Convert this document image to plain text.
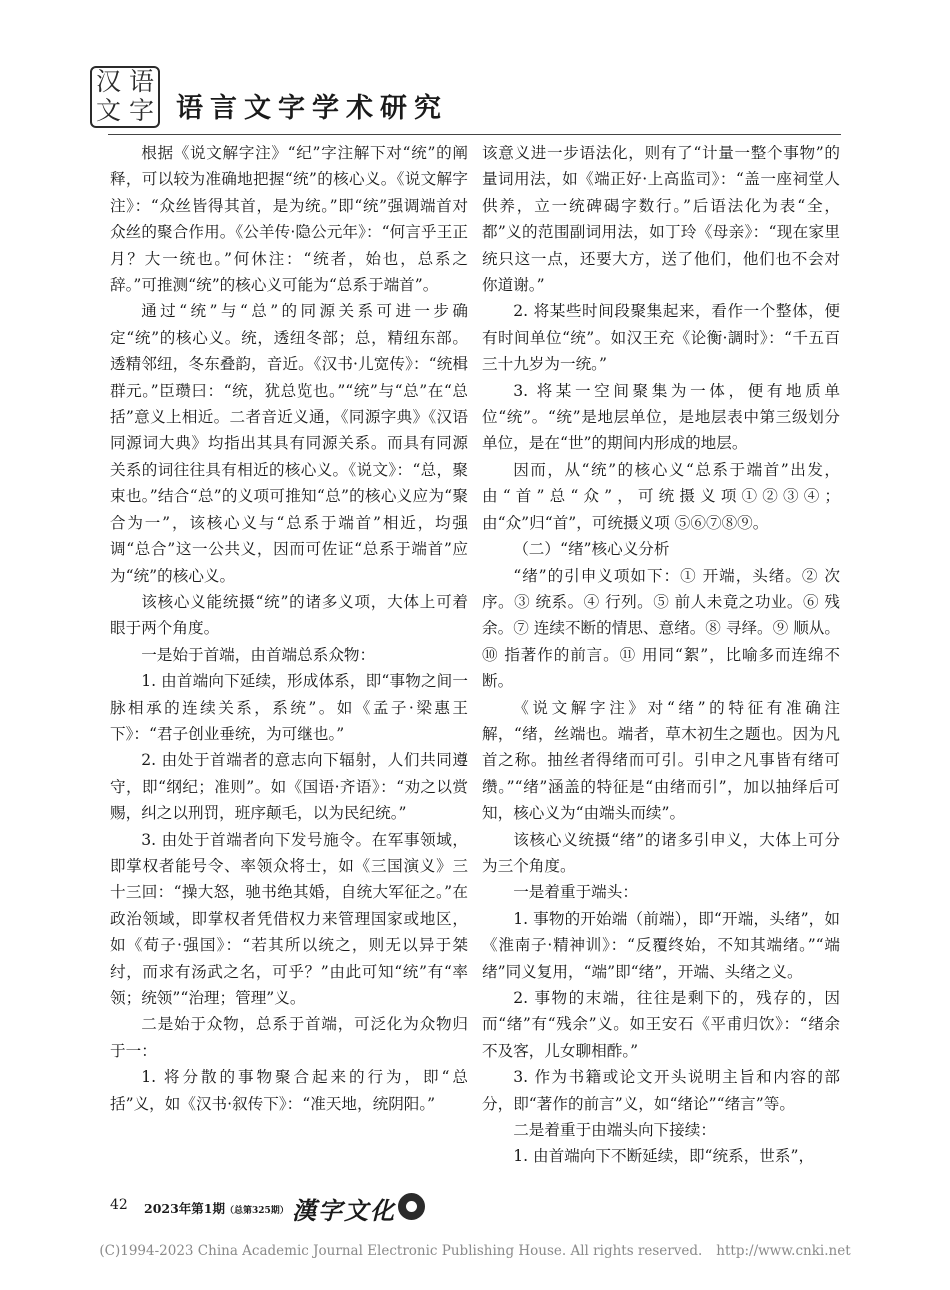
汉 语
文 字 语言文字学术研究

根据《说文解字注》“纪”字注解下对“统”的阐释，可以较为准确地把握“统”的核心义。《说文解字注》：“众丝皆得其首，是为统。”即“统”强调端首对众丝的聚合作用。《公羊传·隐公元年》：“何言乎王正月？大一统也。”何休注：“统者，始也，总系之辞。”可推测“统”的核心义可能为“总系于端首”。

通过“统”与“总”的同源关系可进一步确定“统”的核心义。统，透纽冬部；总，精纽东部。透精邻纽，冬东叠韵，音近。《汉书·儿宽传》：“统楫群元。”臣瓒曰：“统，犹总览也。”“统”与“总”在“总括”意义上相近。二者音近义通，《同源字典》《汉语同源词大典》均指出其具有同源关系。而具有同源关系的词往往具有相近的核心义。《说文》：“总，聚束也。”结合“总”的义项可推知“总”的核心义应为“聚合为一”，该核心义与“总系于端首”相近，均强调“总合”这一公共义，因而可佐证“总系于端首”应为“统”的核心义。

该核心义能统摄“统”的诸多义项，大体上可着眼于两个角度。

一是始于首端，由首端总系众物：

1. 由首端向下延续，形成体系，即“事物之间一脉相承的连续关系，系统”。如《孟子·梁惠王下》：“君子创业垂统，为可继也。”

2. 由处于首端者的意志向下辐射，人们共同遵守，即“纲纪；准则”。如《国语·齐语》：“劝之以赏赐，纠之以刑罚，班序颠毛，以为民纪统。”

3. 由处于首端者向下发号施令。在军事领域，即掌权者能号令、率领众将士，如《三国演义》三十三回：“操大怒，驰书绝其婚，自统大军征之。”在政治领域，即掌权者凭借权力来管理国家或地区，如《荀子·强国》：“若其所以统之，则无以异于桀纣，而求有汤武之名，可乎？”由此可知“统”有“率领；统领”“治理；管理”义。

二是始于众物，总系于首端，可泛化为众物归于一：

1. 将分散的事物聚合起来的行为，即“总括”义，如《汉书·叙传下》：“准天地，统阴阳。”

该意义进一步语法化，则有了“计量一整个事物”的量词用法，如《端正好·上高监司》：“盖一座祠堂人供养，立一统碑碣字数行。”后语法化为表“全，都”义的范围副词用法，如丁玲《母亲》：“现在家里统只这一点，还要大方，送了他们，他们也不会对你道谢。”

2. 将某些时间段聚集起来，看作一个整体，便有时间单位“统”。如汉王充《论衡·調时》：“千五百三十九岁为一统。”

3. 将某一空间聚集为一体，便有地质单位“统”。“统”是地层单位，是地层表中第三级划分单位，是在“世”的期间内形成的地层。

因而，从“统”的核心义“总系于端首”出发，由“首”总“众”，可统摄义项①②③④；由“众”归“首”，可统摄义项 ⑤⑥⑦⑧⑨。

（二）“绪”核心义分析

“绪”的引申义项如下：① 开端，头绪。② 次序。③ 统系。④ 行列。⑤ 前人未竟之功业。⑥ 残余。⑦ 连续不断的情思、意绪。⑧ 寻绎。⑨ 顺从。⑩ 指著作的前言。⑪ 用同“絮”，比喻多而连绵不断。

《说文解字注》对“绪”的特征有准确注解，“绪，丝端也。端者，草木初生之题也。因为凡首之称。抽丝者得绪而可引。引申之凡事皆有绪可缵。”“绪”涵盖的特征是“由绪而引”，加以抽绎后可知，核心义为“由端头而续”。

该核心义统摄“绪”的诸多引申义，大体上可分为三个角度。

一是着重于端头：

1. 事物的开始端（前端），即“开端，头绪”，如《淮南子·精神训》：“反覆终始，不知其端绪。”“端绪”同义复用，“端”即“绪”，开端、头绪之义。

2. 事物的末端，往往是剩下的，残存的，因而“绪”有“残余”义。如王安石《平甫归饮》：“绪余不及客，儿女聊相酢。”

3. 作为书籍或论文开头说明主旨和内容的部分，即“著作的前言”义，如“绪论”“绪言”等。

二是着重于由端头向下接续：

1. 由首端向下不断延续，即“统系，世系”，

42 2023年第1期（总第325期） 漢字文化
(C)1994-2023 China Academic Journal Electronic Publishing House. All rights reserved. http://www.cnki.net
